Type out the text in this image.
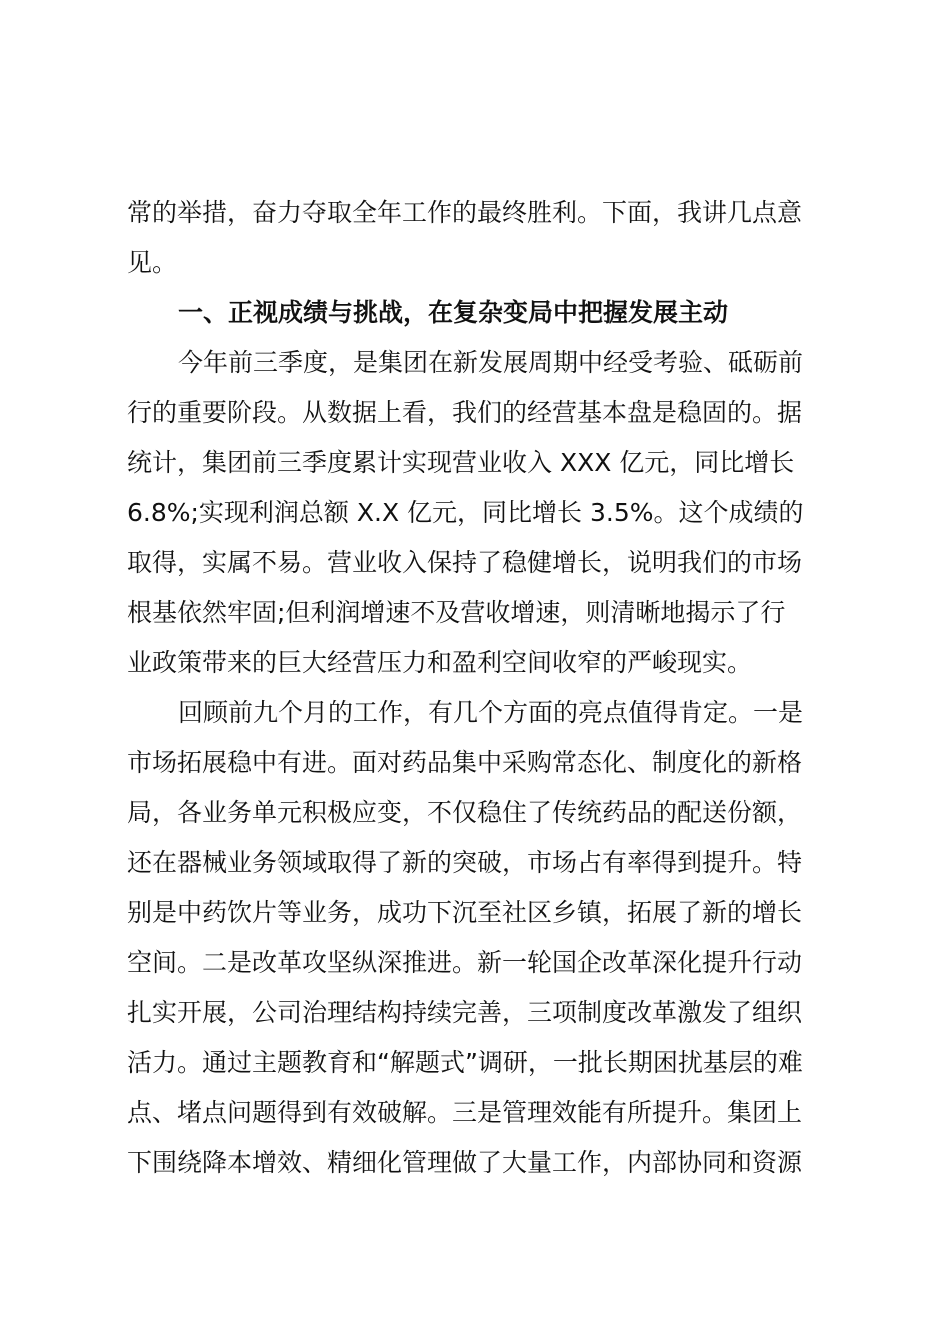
常的举措，奋力夺取全年工作的最终胜利。下面，我讲几点意
见。
一、正视成绩与挑战，在复杂变局中把握发展主动
今年前三季度，是集团在新发展周期中经受考验、砥砺前
行的重要阶段。从数据上看，我们的经营基本盘是稳固的。据
统计，集团前三季度累计实现营业收入 XXX 亿元，同比增长
6.8%;实现利润总额 X.X 亿元，同比增长 3.5%。这个成绩的
取得，实属不易。营业收入保持了稳健增长，说明我们的市场
根基依然牢固;但利润增速不及营收增速，则清晰地揭示了行
业政策带来的巨大经营压力和盈利空间收窄的严峻现实。
回顾前九个月的工作，有几个方面的亮点值得肯定。一是
市场拓展稳中有进。面对药品集中采购常态化、制度化的新格
局，各业务单元积极应变，不仅稳住了传统药品的配送份额，
还在器械业务领域取得了新的突破，市场占有率得到提升。特
别是中药饮片等业务，成功下沉至社区乡镇，拓展了新的增长
空间。二是改革攻坚纵深推进。新一轮国企改革深化提升行动
扎实开展，公司治理结构持续完善，三项制度改革激发了组织
活力。通过主题教育和“解题式”调研，一批长期困扰基层的难
点、堵点问题得到有效破解。三是管理效能有所提升。集团上
下围绕降本增效、精细化管理做了大量工作，内部协同和资源
